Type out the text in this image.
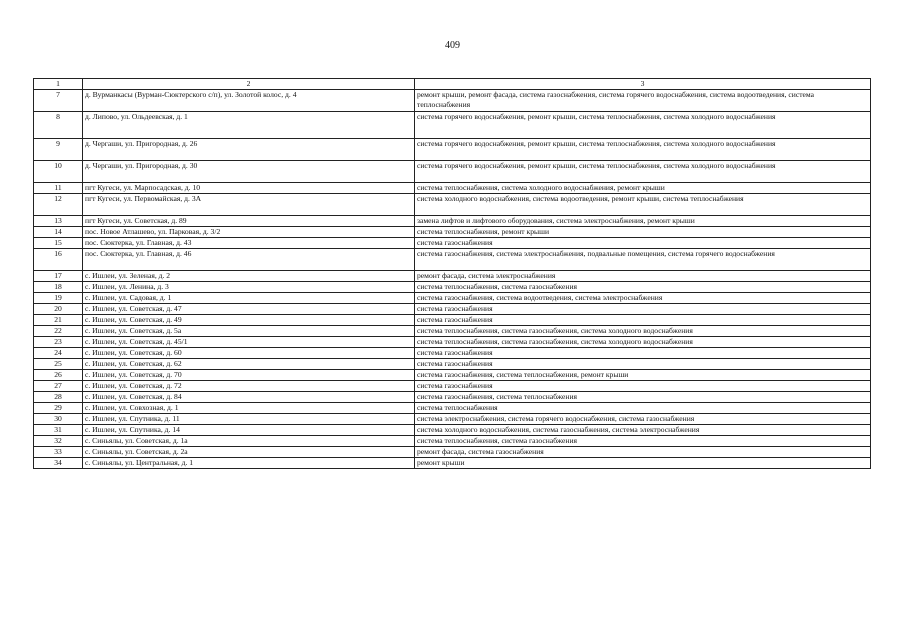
409
1	2	3
7	д. Вурманкасы (Вурман-Сюктерского с/п), ул. Золотой колос, д. 4	ремонт крыши, ремонт фасада, система газоснабжения, система горячего водоснабжения, система водоотведения, система теплоснабжения
8	д. Липово, ул. Ольдеевская, д. 1	система горячего водоснабжения, ремонт крыши, система теплоснабжения, система холодного водоснабжения
9	д. Чергаши, ул. Пригородная, д. 26	система горячего водоснабжения, ремонт крыши, система теплоснабжения, система холодного водоснабжения
10	д. Чергаши, ул. Пригородная, д. 30	система горячего водоснабжения, ремонт крыши, система теплоснабжения, система холодного водоснабжения
11	пгт Кугеси, ул. Марпосадская, д. 10	система теплоснабжения, система холодного водоснабжения, ремонт крыши
12	пгт Кугеси, ул. Первомайская, д. 3А	система холодного водоснабжения, система водоотведения, ремонт крыши, система теплоснабжения
13	пгт Кугеси, ул. Советская, д. 89	замена лифтов и лифтового оборудования, система электроснабжения, ремонт крыши
14	пос. Новое Атлашево, ул. Парковая, д. 3/2	система теплоснабжения, ремонт крыши
15	пос. Сюктерка, ул. Главная, д. 43	система газоснабжения
16	пос. Сюктерка, ул. Главная, д. 46	система газоснабжения, система электроснабжения, подвальные помещения, система горячего водоснабжения
17	с. Ишлеи, ул. Зеленая, д. 2	ремонт фасада, система электроснабжения
18	с. Ишлеи, ул. Ленина, д. 3	система теплоснабжения, система газоснабжения
19	с. Ишлеи, ул. Садовая, д. 1	система газоснабжения, система водоотведения, система электроснабжения
20	с. Ишлеи, ул. Советская, д. 47	система газоснабжения
21	с. Ишлеи, ул. Советская, д. 49	система газоснабжения
22	с. Ишлеи, ул. Советская, д. 5а	система теплоснабжения, система газоснабжения, система холодного водоснабжения
23	с. Ишлеи, ул. Советская, д. 45/1	система теплоснабжения, система газоснабжения, система холодного водоснабжения
24	с. Ишлеи, ул. Советская, д. 60	система газоснабжения
25	с. Ишлеи, ул. Советская, д. 62	система газоснабжения
26	с. Ишлеи, ул. Советская, д. 70	система газоснабжения, система теплоснабжения, ремонт крыши
27	с. Ишлеи, ул. Советская, д. 72	система газоснабжения
28	с. Ишлеи, ул. Советская, д. 84	система газоснабжения, система теплоснабжения
29	с. Ишлеи, ул. Совхозная, д. 1	система теплоснабжения
30	с. Ишлеи, ул. Спутника, д. 11	система электроснабжения, система горячего водоснабжения, система газоснабжения
31	с. Ишлеи, ул. Спутника, д. 14	система холодного водоснабжения, система газоснабжения, система электроснабжения
32	с. Синьялы, ул. Советская, д. 1а	система теплоснабжения, система газоснабжения
33	с. Синьялы, ул. Советская, д. 2а	ремонт фасада, система газоснабжения
34	с. Синьялы, ул. Центральная, д. 1	ремонт крыши
